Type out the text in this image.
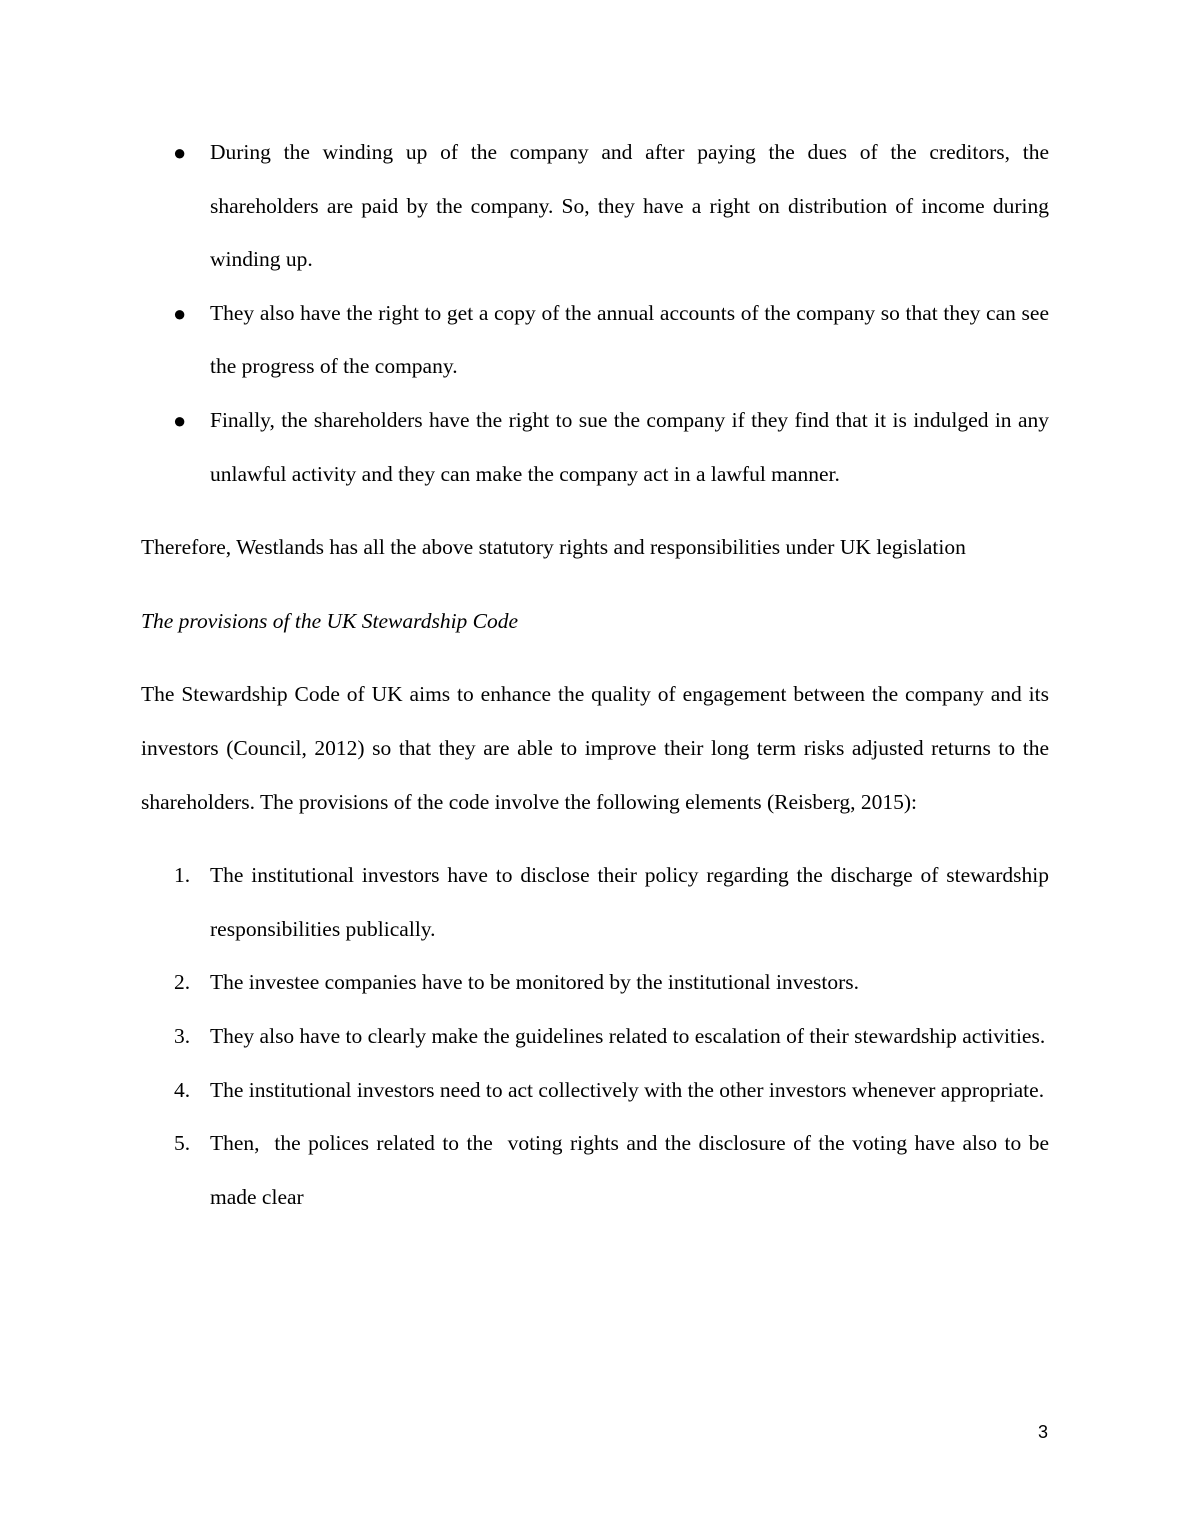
● During the winding up of the company and after paying the dues of the creditors, the shareholders are paid by the company. So, they have a right on distribution of income during winding up.
● They also have the right to get a copy of the annual accounts of the company so that they can see the progress of the company.
● Finally, the shareholders have the right to sue the company if they find that it is indulged in any unlawful activity and they can make the company act in a lawful manner.

Therefore, Westlands has all the above statutory rights and responsibilities under UK legislation

The provisions of the UK Stewardship Code

The Stewardship Code of UK aims to enhance the quality of engagement between the company and its investors (Council, 2012) so that they are able to improve their long term risks adjusted returns to the shareholders. The provisions of the code involve the following elements (Reisberg, 2015):

1. The institutional investors have to disclose their policy regarding the discharge of stewardship responsibilities publically.
2. The investee companies have to be monitored by the institutional investors.
3. They also have to clearly make the guidelines related to escalation of their stewardship activities.
4. The institutional investors need to act collectively with the other investors whenever appropriate.
5. Then,  the polices related to the  voting rights and the disclosure of the voting have also to be made clear
3
